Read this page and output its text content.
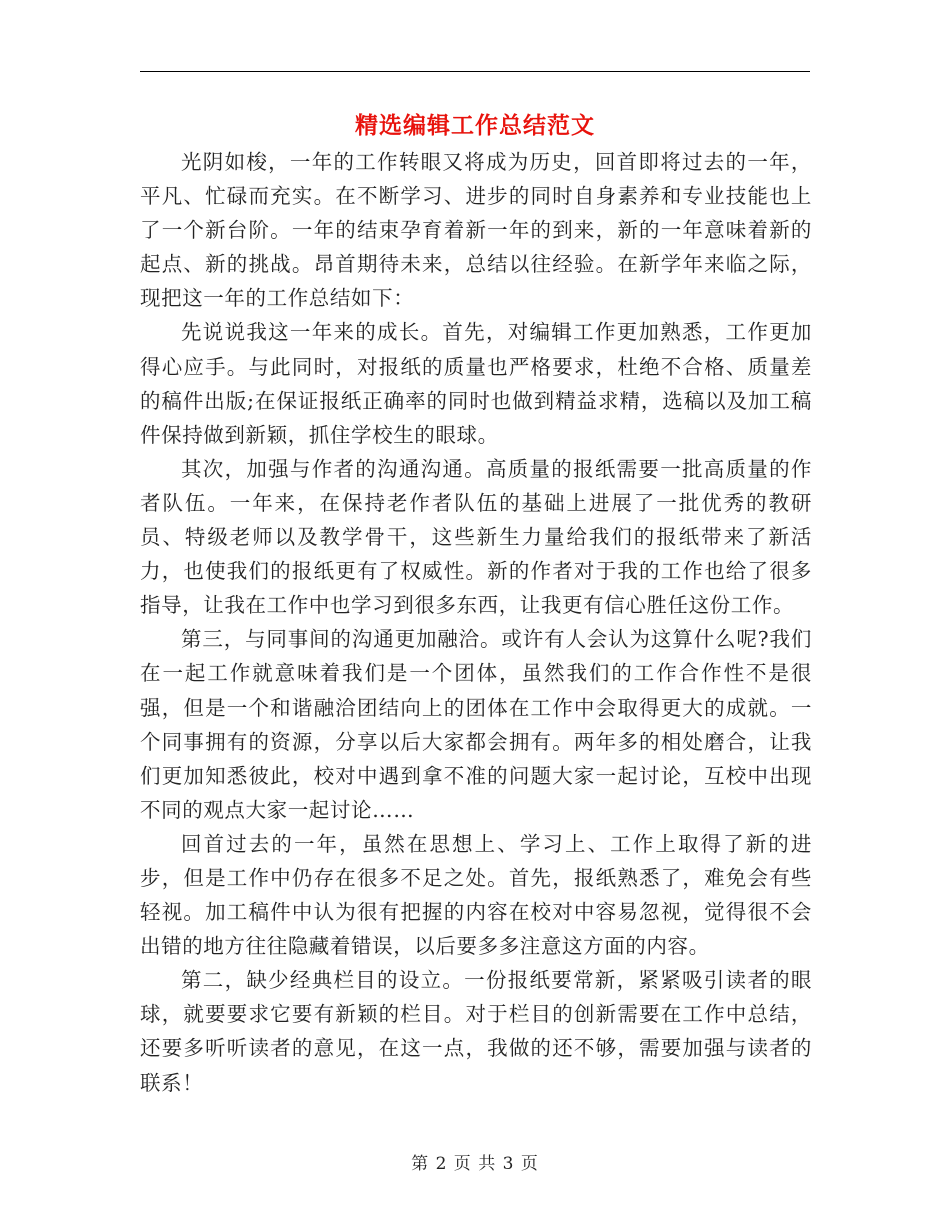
精选编辑工作总结范文

光阴如梭，一年的工作转眼又将成为历史，回首即将过去的一年，平凡、忙碌而充实。在不断学习、进步的同时自身素养和专业技能也上了一个新台阶。一年的结束孕育着新一年的到来，新的一年意味着新的起点、新的挑战。昂首期待未来，总结以往经验。在新学年来临之际，现把这一年的工作总结如下：

先说说我这一年来的成长。首先，对编辑工作更加熟悉，工作更加得心应手。与此同时，对报纸的质量也严格要求，杜绝不合格、质量差的稿件出版;在保证报纸正确率的同时也做到精益求精，选稿以及加工稿件保持做到新颖，抓住学校生的眼球。

其次，加强与作者的沟通沟通。高质量的报纸需要一批高质量的作者队伍。一年来，在保持老作者队伍的基础上进展了一批优秀的教研员、特级老师以及教学骨干，这些新生力量给我们的报纸带来了新活力，也使我们的报纸更有了权威性。新的作者对于我的工作也给了很多指导，让我在工作中也学习到很多东西，让我更有信心胜任这份工作。

第三，与同事间的沟通更加融洽。或许有人会认为这算什么呢?我们在一起工作就意味着我们是一个团体，虽然我们的工作合作性不是很强，但是一个和谐融洽团结向上的团体在工作中会取得更大的成就。一个同事拥有的资源，分享以后大家都会拥有。两年多的相处磨合，让我们更加知悉彼此，校对中遇到拿不准的问题大家一起讨论，互校中出现不同的观点大家一起讨论……

回首过去的一年，虽然在思想上、学习上、工作上取得了新的进步，但是工作中仍存在很多不足之处。首先，报纸熟悉了，难免会有些轻视。加工稿件中认为很有把握的内容在校对中容易忽视，觉得很不会出错的地方往往隐藏着错误，以后要多多注意这方面的内容。

第二，缺少经典栏目的设立。一份报纸要常新，紧紧吸引读者的眼球，就要要求它要有新颖的栏目。对于栏目的创新需要在工作中总结，还要多听听读者的意见，在这一点，我做的还不够，需要加强与读者的联系！

第 2 页 共 3 页
